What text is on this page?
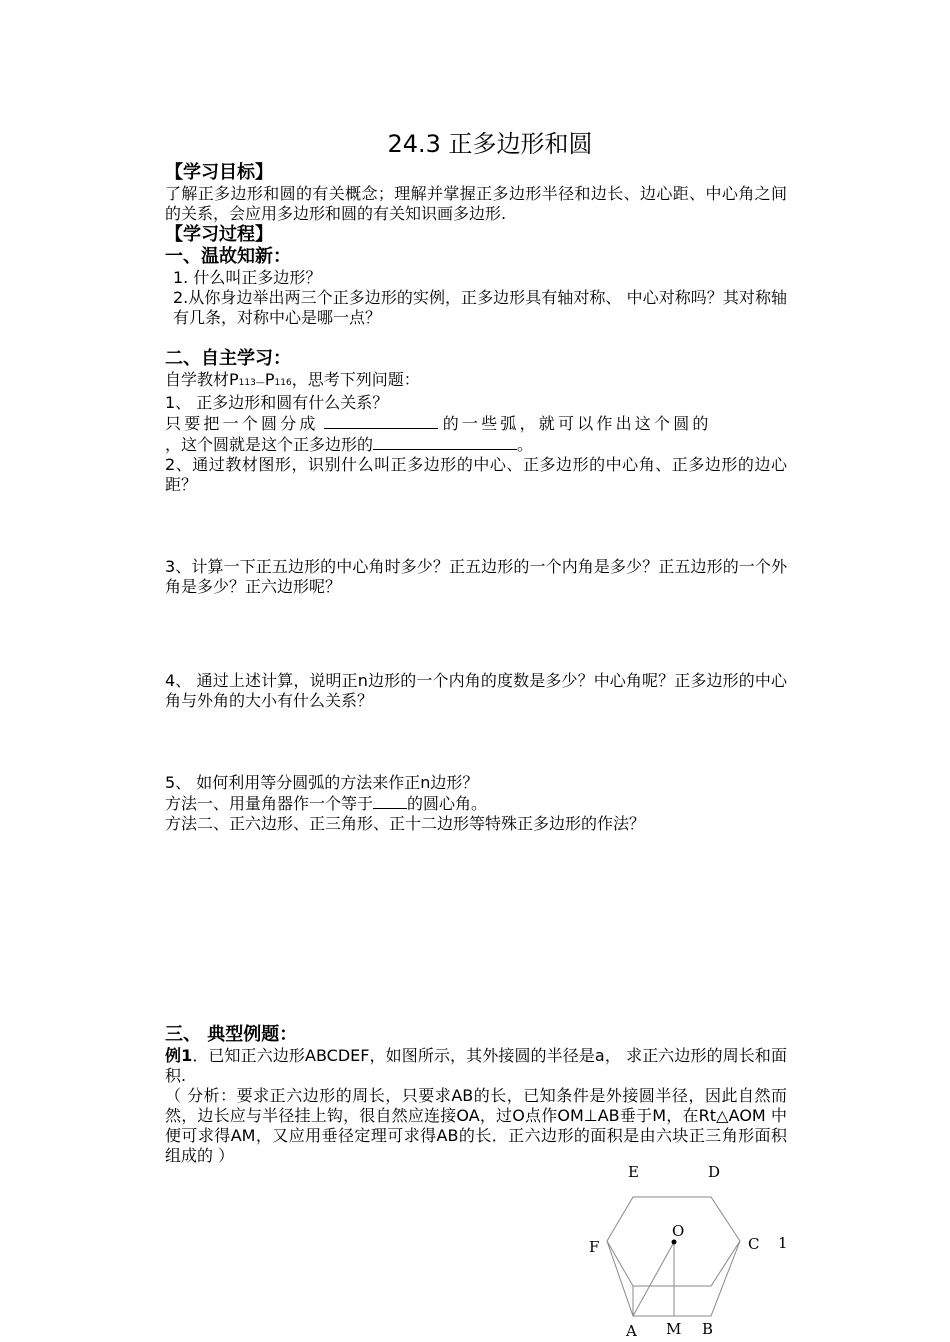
24.3 正多边形和圆
【学习目标】

了解正多边形和圆的有关概念；理解并掌握正多边形半径和边长、边心距、中心角之间的关系，会应用多边形和圆的有关知识画多边形.

【学习过程】
一、温故知新：

1. 什么叫正多边形？

2.从你身边举出两三个正多边形的实例，正多边形具有轴对称、 中心对称吗？其对称轴有几条，对称中心是哪一点？

二、自主学习：

自学教材P113—P116，思考下列问题：

1、 正多边形和圆有什么关系？

只要把一个圆分成	的一些弧，就可以作出这个圆的
，这个圆就是这个正多边形的	。

2、通过教材图形，识别什么叫正多边形的中心、正多边形的中心角、正多边形的边心距？

3、计算一下正五边形的中心角时多少？正五边形的一个内角是多少？正五边形的一个外角是多少？正六边形呢？

4、 通过上述计算，说明正n边形的一个内角的度数是多少？中心角呢？正多边形的中心角与外角的大小有什么关系？

5、 如何利用等分圆弧的方法来作正n边形？

方法一、用量角器作一个等于 的圆心角。

方法二、正六边形、正三角形、正十二边形等特殊正多边形的作法？

三、 典型例题：

例1．已知正六边形ABCDEF，如图所示，其外接圆的半径是a， 求正六边形的周长和面积.

（ 分析：要求正六边形的周长，只要求AB的长，已知条件是外接圆半径，因此自然而然，边长应与半径挂上钩，很自然应连接OA，过O点作OM⊥AB垂于M，在Rt△AOM 中便可求得AM，又应用垂径定理可求得AB的长．正六边形的面积是由六块正三角形面积组成的 ）

A	B
C
D
E
F
O
M
1
